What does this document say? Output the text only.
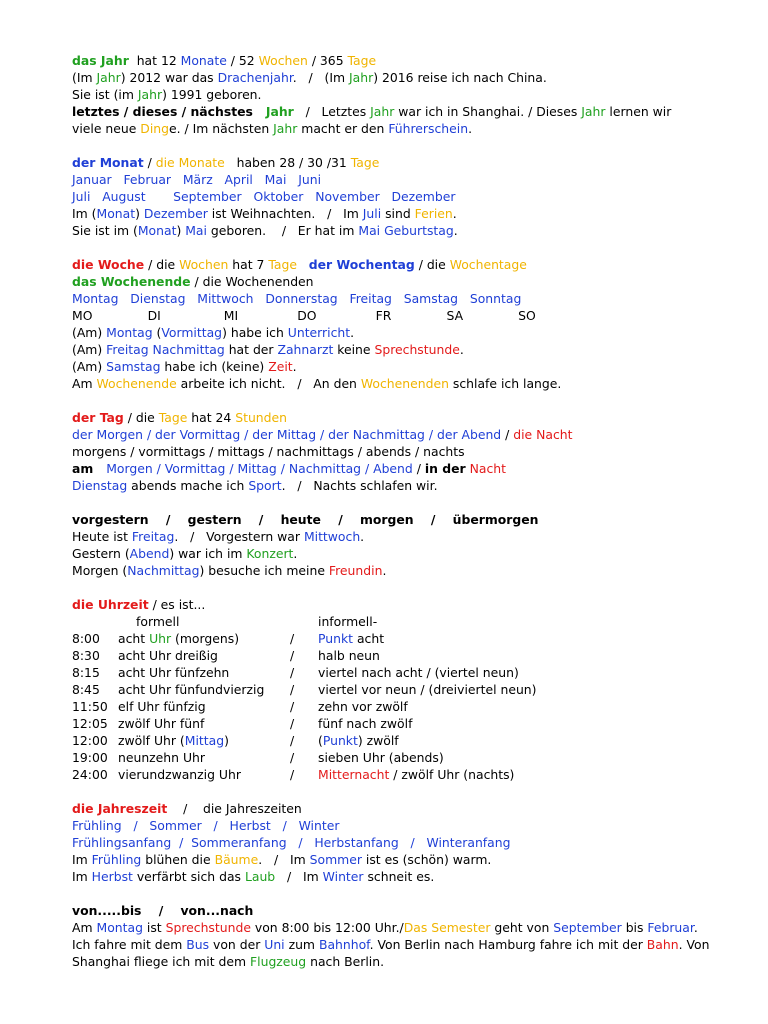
das Jahr  hat 12 Monate / 52 Wochen / 365 Tage
(Im Jahr) 2012 war das Drachenjahr.   /   (Im Jahr) 2016 reise ich nach China.
Sie ist (im Jahr) 1991 geboren.
letztes / dieses / nächstes   Jahr   /   Letztes Jahr war ich in Shanghai. / Dieses Jahr lernen wir
viele neue Dinge. / Im nächsten Jahr macht er den Führerschein.
der Monat / die Monate   haben 28 / 30 /31 Tage
Januar   Februar   März   April   Mai   Juni
Juli   August       September   Oktober   November   Dezember
Im (Monat) Dezember ist Weihnachten.   /   Im Juli sind Ferien.
Sie ist im (Monat) Mai geboren.    /   Er hat im Mai Geburtstag.
die Woche / die Wochen hat 7 Tage der Wochentag / die Wochentage
das Wochenende / die Wochenenden
Montag   Dienstag   Mittwoch   Donnerstag   Freitag   Samstag   Sonntag
MO              DI                MI               DO               FR              SA              SO
(Am) Montag (Vormittag) habe ich Unterricht.
(Am) Freitag Nachmittag hat der Zahnarzt keine Sprechstunde.
(Am) Samstag habe ich (keine) Zeit.
Am Wochenende arbeite ich nicht.   /   An den Wochenenden schlafe ich lange.
der Tag / die Tage hat 24 Stunden
der Morgen / der Vormittag / der Mittag / der Nachmittag / der Abend / die Nacht
morgens / vormittags / mittags / nachmittags / abends / nachts
am   Morgen / Vormittag / Mittag / Nachmittag / Abend / in der Nacht
Dienstag abends mache ich Sport.   /   Nachts schlafen wir.
vorgestern    /    gestern    /    heute    /    morgen    /    übermorgen
Heute ist Freitag.   /   Vorgestern war Mittwoch.
Gestern (Abend) war ich im Konzert.
Morgen (Nachmittag) besuche ich meine Freundin.
die Uhrzeit / es ist...
	formell		informell-
8:00	acht Uhr (morgens)	/	Punkt acht
8:30	acht Uhr dreißig	/	halb neun
8:15	acht Uhr fünfzehn	/	viertel nach acht / (viertel neun)
8:45	acht Uhr fünfundvierzig	/	viertel vor neun / (dreiviertel neun)
11:50	elf Uhr fünfzig	/	zehn vor zwölf
12:05	zwölf Uhr fünf	/	fünf nach zwölf
12:00	zwölf Uhr (Mittag)	/	(Punkt) zwölf
19:00	neunzehn Uhr	/	sieben Uhr (abends)
24:00	vierundzwanzig Uhr	/	Mitternacht / zwölf Uhr (nachts)
die Jahreszeit    /    die Jahreszeiten
Frühling   /   Sommer   /   Herbst   /   Winter
Frühlingsanfang  /  Sommeranfang   /   Herbstanfang   /   Winteranfang
Im Frühling blühen die Bäume.   /   Im Sommer ist es (schön) warm.
Im Herbst verfärbt sich das Laub   /   Im Winter schneit es.
von.....bis    /    von...nach
Am Montag ist Sprechstunde von 8:00 bis 12:00 Uhr./Das Semester geht von September bis Februar.
Ich fahre mit dem Bus von der Uni zum Bahnhof. Von Berlin nach Hamburg fahre ich mit der Bahn. Von
Shanghai fliege ich mit dem Flugzeug nach Berlin.
